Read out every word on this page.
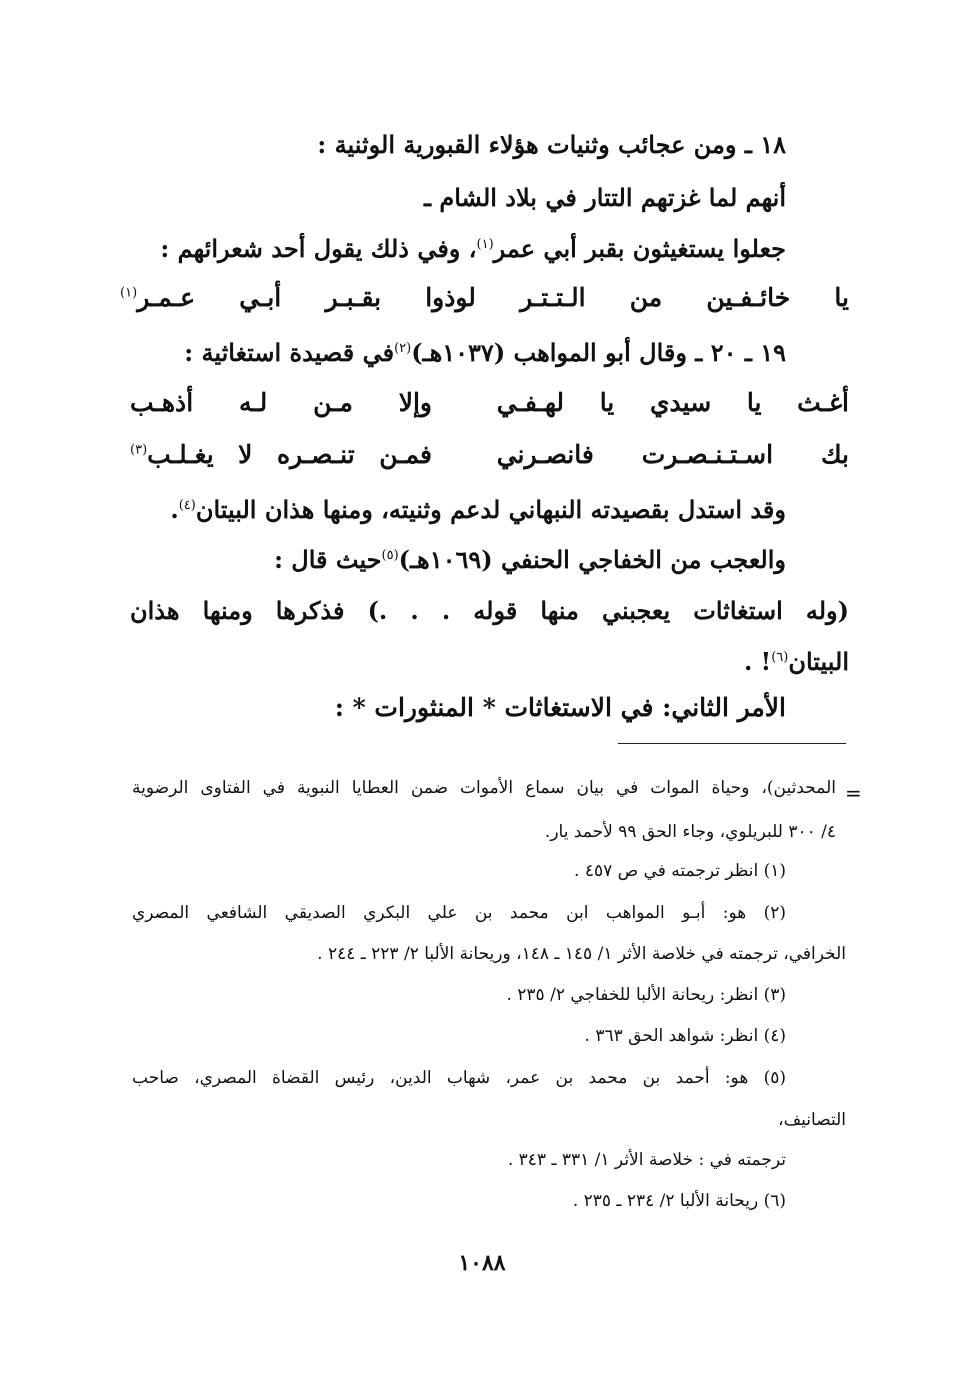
١٨ ـ ومن عجائب وثنيات هؤلاء القبورية الوثنية :
أنهم لما غزتهم التتار في بلاد الشام ـ
جعلوا يستغيثون بقبر أبي عمر$^{(١)}$، وفي ذلك يقول أحد شعرائهم :
يا
خائـفـين
من
الـتـتـر
لوذوا
بقـبـر
أبـي
عـمـر$^{(١)}$
١٩ ـ ٢٠ ـ وقال أبو المواهب (١٠٣٧هـ)$^{(٢)}$في قصيدة استغاثية :
أغـث
يا
سيدي
يا
لهـفـي
وإلا
مـن
لـه
أذهـب
بك
اسـتـنـصـرت
فانصـرني
فمـن
تنـصـره
لا
يغـلـب$^{(٣)}$
وقد استدل بقصيدته النبهاني لدعم وثنيته، ومنها هذان البيتان$^{(٤)}$.
والعجب من الخفاجي الحنفي (١٠٦٩هـ)$^{(٥)}$حيث قال :
(وله استغاثات يعجبني منها قوله . . .) فذكرها ومنها هذان
البيتان$^{(٦)}$! .
الأمر الثاني: في الاستغاثات * المنثورات * :
=
المحدثين)، وحياة الموات في بيان سماع الأموات ضمن العطايا النبوية في الفتاوى الرضوية
٤/ ٣٠٠ للبريلوي، وجاء الحق ٩٩ لأحمد يار.
(١) انظر ترجمته في ص ٤٥٧ .
(٢) هو: أبـو المواهب ابن محمد بن علي البكري الصديقي الشافعي المصري
الخرافي، ترجمته في خلاصة الأثر ١/ ١٤٥ ـ ١٤٨، وريحانة الألبا ٢/ ٢٢٣ ـ ٢٤٤ .
(٣) انظر: ريحانة الألبا للخفاجي ٢/ ٢٣٥ .
(٤) انظر: شواهد الحق ٣٦٣ .
(٥) هو: أحمد بن محمد بن عمر، شهاب الدين، رئيس القضاة المصري، صاحب
التصانيف،
ترجمته في : خلاصة الأثر ١/ ٣٣١ ـ ٣٤٣ .
(٦) ريحانة الألبا ٢/ ٢٣٤ ـ ٢٣٥ .
١٠٨٨
